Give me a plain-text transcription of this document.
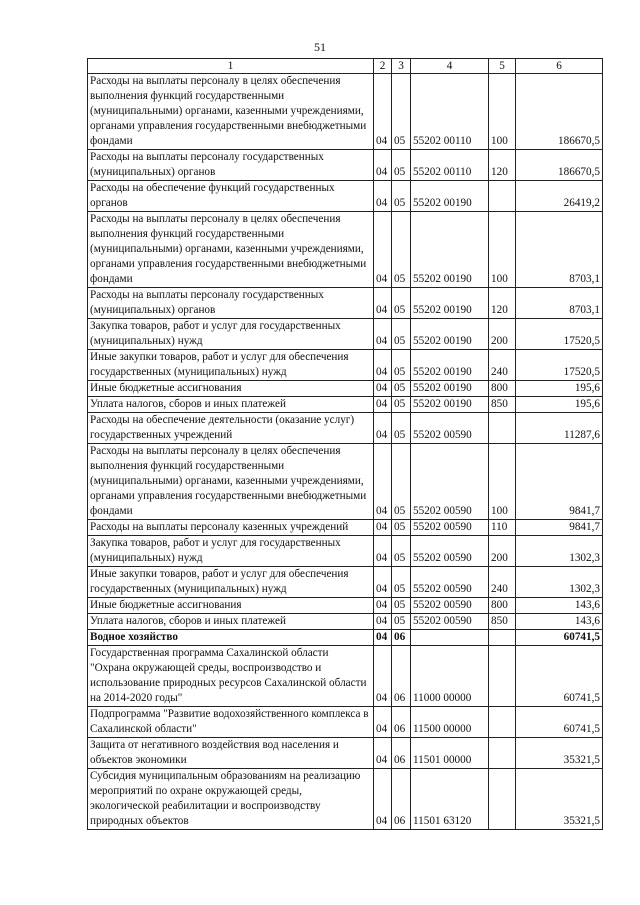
51
1	2	3	4	5	6
Расходы на выплаты персоналу в целях обеспечения выполнения функций государственными (муниципальными) органами, казенными учреждениями, органами управления государственными внебюджетными фондами	04	05	55202 00110	100	186670,5
Расходы на выплаты персоналу государственных (муниципальных) органов	04	05	55202 00110	120	186670,5
Расходы на обеспечение функций государственных органов	04	05	55202 00190		26419,2
Расходы на выплаты персоналу в целях обеспечения выполнения функций государственными (муниципальными) органами, казенными учреждениями, органами управления государственными внебюджетными фондами	04	05	55202 00190	100	8703,1
Расходы на выплаты персоналу государственных (муниципальных) органов	04	05	55202 00190	120	8703,1
Закупка товаров, работ и услуг для государственных (муниципальных) нужд	04	05	55202 00190	200	17520,5
Иные закупки товаров, работ и услуг для обеспечения государственных (муниципальных) нужд	04	05	55202 00190	240	17520,5
Иные бюджетные ассигнования	04	05	55202 00190	800	195,6
Уплата налогов, сборов и иных платежей	04	05	55202 00190	850	195,6
Расходы на обеспечение деятельности (оказание услуг) государственных учреждений	04	05	55202 00590		11287,6
Расходы на выплаты персоналу в целях обеспечения выполнения функций государственными (муниципальными) органами, казенными учреждениями, органами управления государственными внебюджетными фондами	04	05	55202 00590	100	9841,7
Расходы на выплаты персоналу казенных учреждений	04	05	55202 00590	110	9841,7
Закупка товаров, работ и услуг для государственных (муниципальных) нужд	04	05	55202 00590	200	1302,3
Иные закупки товаров, работ и услуг для обеспечения государственных (муниципальных) нужд	04	05	55202 00590	240	1302,3
Иные бюджетные ассигнования	04	05	55202 00590	800	143,6
Уплата налогов, сборов и иных платежей	04	05	55202 00590	850	143,6
Водное хозяйство	04	06			60741,5
Государственная программа Сахалинской области "Охрана окружающей среды, воспроизводство и использование природных ресурсов Сахалинской области на 2014-2020 годы"	04	06	11000 00000		60741,5
Подпрограмма "Развитие водохозяйственного комплекса в Сахалинской области"	04	06	11500 00000		60741,5
Защита от негативного воздействия вод населения и объектов экономики	04	06	11501 00000		35321,5
Субсидия муниципальным образованиям на реализацию мероприятий по охране окружающей среды, экологической реабилитации и воспроизводству природных объектов	04	06	11501 63120		35321,5
